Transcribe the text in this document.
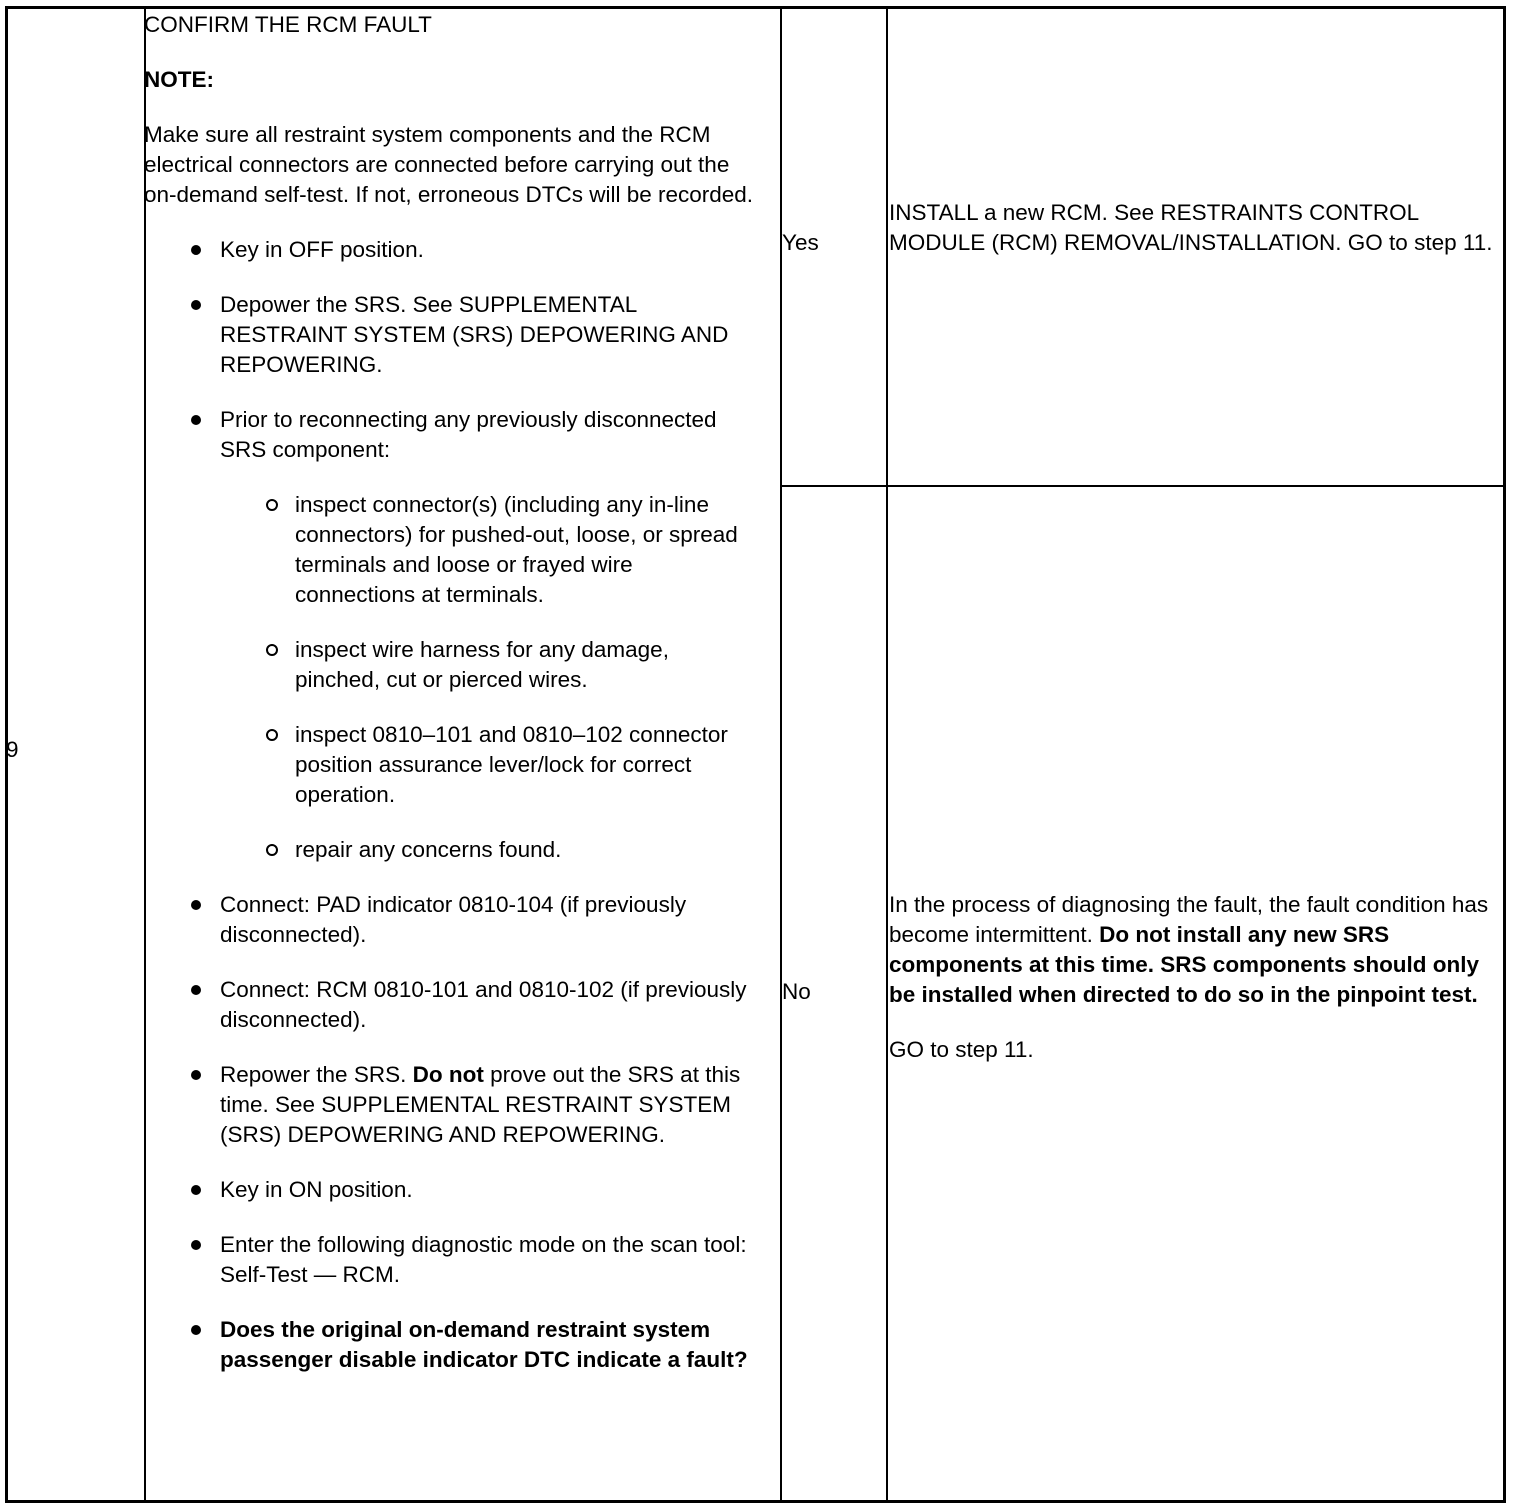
9

CONFIRM THE RCM FAULT

NOTE:

Make sure all restraint system components and the RCM electrical connectors are connected before carrying out the on-demand self-test. If not, erroneous DTCs will be recorded.

Key in OFF position.
Depower the SRS. See SUPPLEMENTAL RESTRAINT SYSTEM (SRS) DEPOWERING AND REPOWERING.
Prior to reconnecting any previously disconnected SRS component:
inspect connector(s) (including any in-line connectors) for pushed-out, loose, or spread terminals and loose or frayed wire connections at terminals.
inspect wire harness for any damage, pinched, cut or pierced wires.
inspect 0810–101 and 0810–102 connector position assurance lever/lock for correct operation.
repair any concerns found.
Connect: PAD indicator 0810-104 (if previously disconnected).
Connect: RCM 0810-101 and 0810-102 (if previously disconnected).
Repower the SRS. Do not prove out the SRS at this time. See SUPPLEMENTAL RESTRAINT SYSTEM (SRS) DEPOWERING AND REPOWERING.
Key in ON position.
Enter the following diagnostic mode on the scan tool: Self-Test — RCM.
Does the original on-demand restraint system passenger disable indicator DTC indicate a fault?
Yes
INSTALL a new RCM. See RESTRAINTS CONTROL MODULE (RCM) REMOVAL/INSTALLATION. GO to step 11.
No

In the process of diagnosing the fault, the fault condition has become intermittent. Do not install any new SRS components at this time. SRS components should only be installed when directed to do so in the pinpoint test.

GO to step 11.
